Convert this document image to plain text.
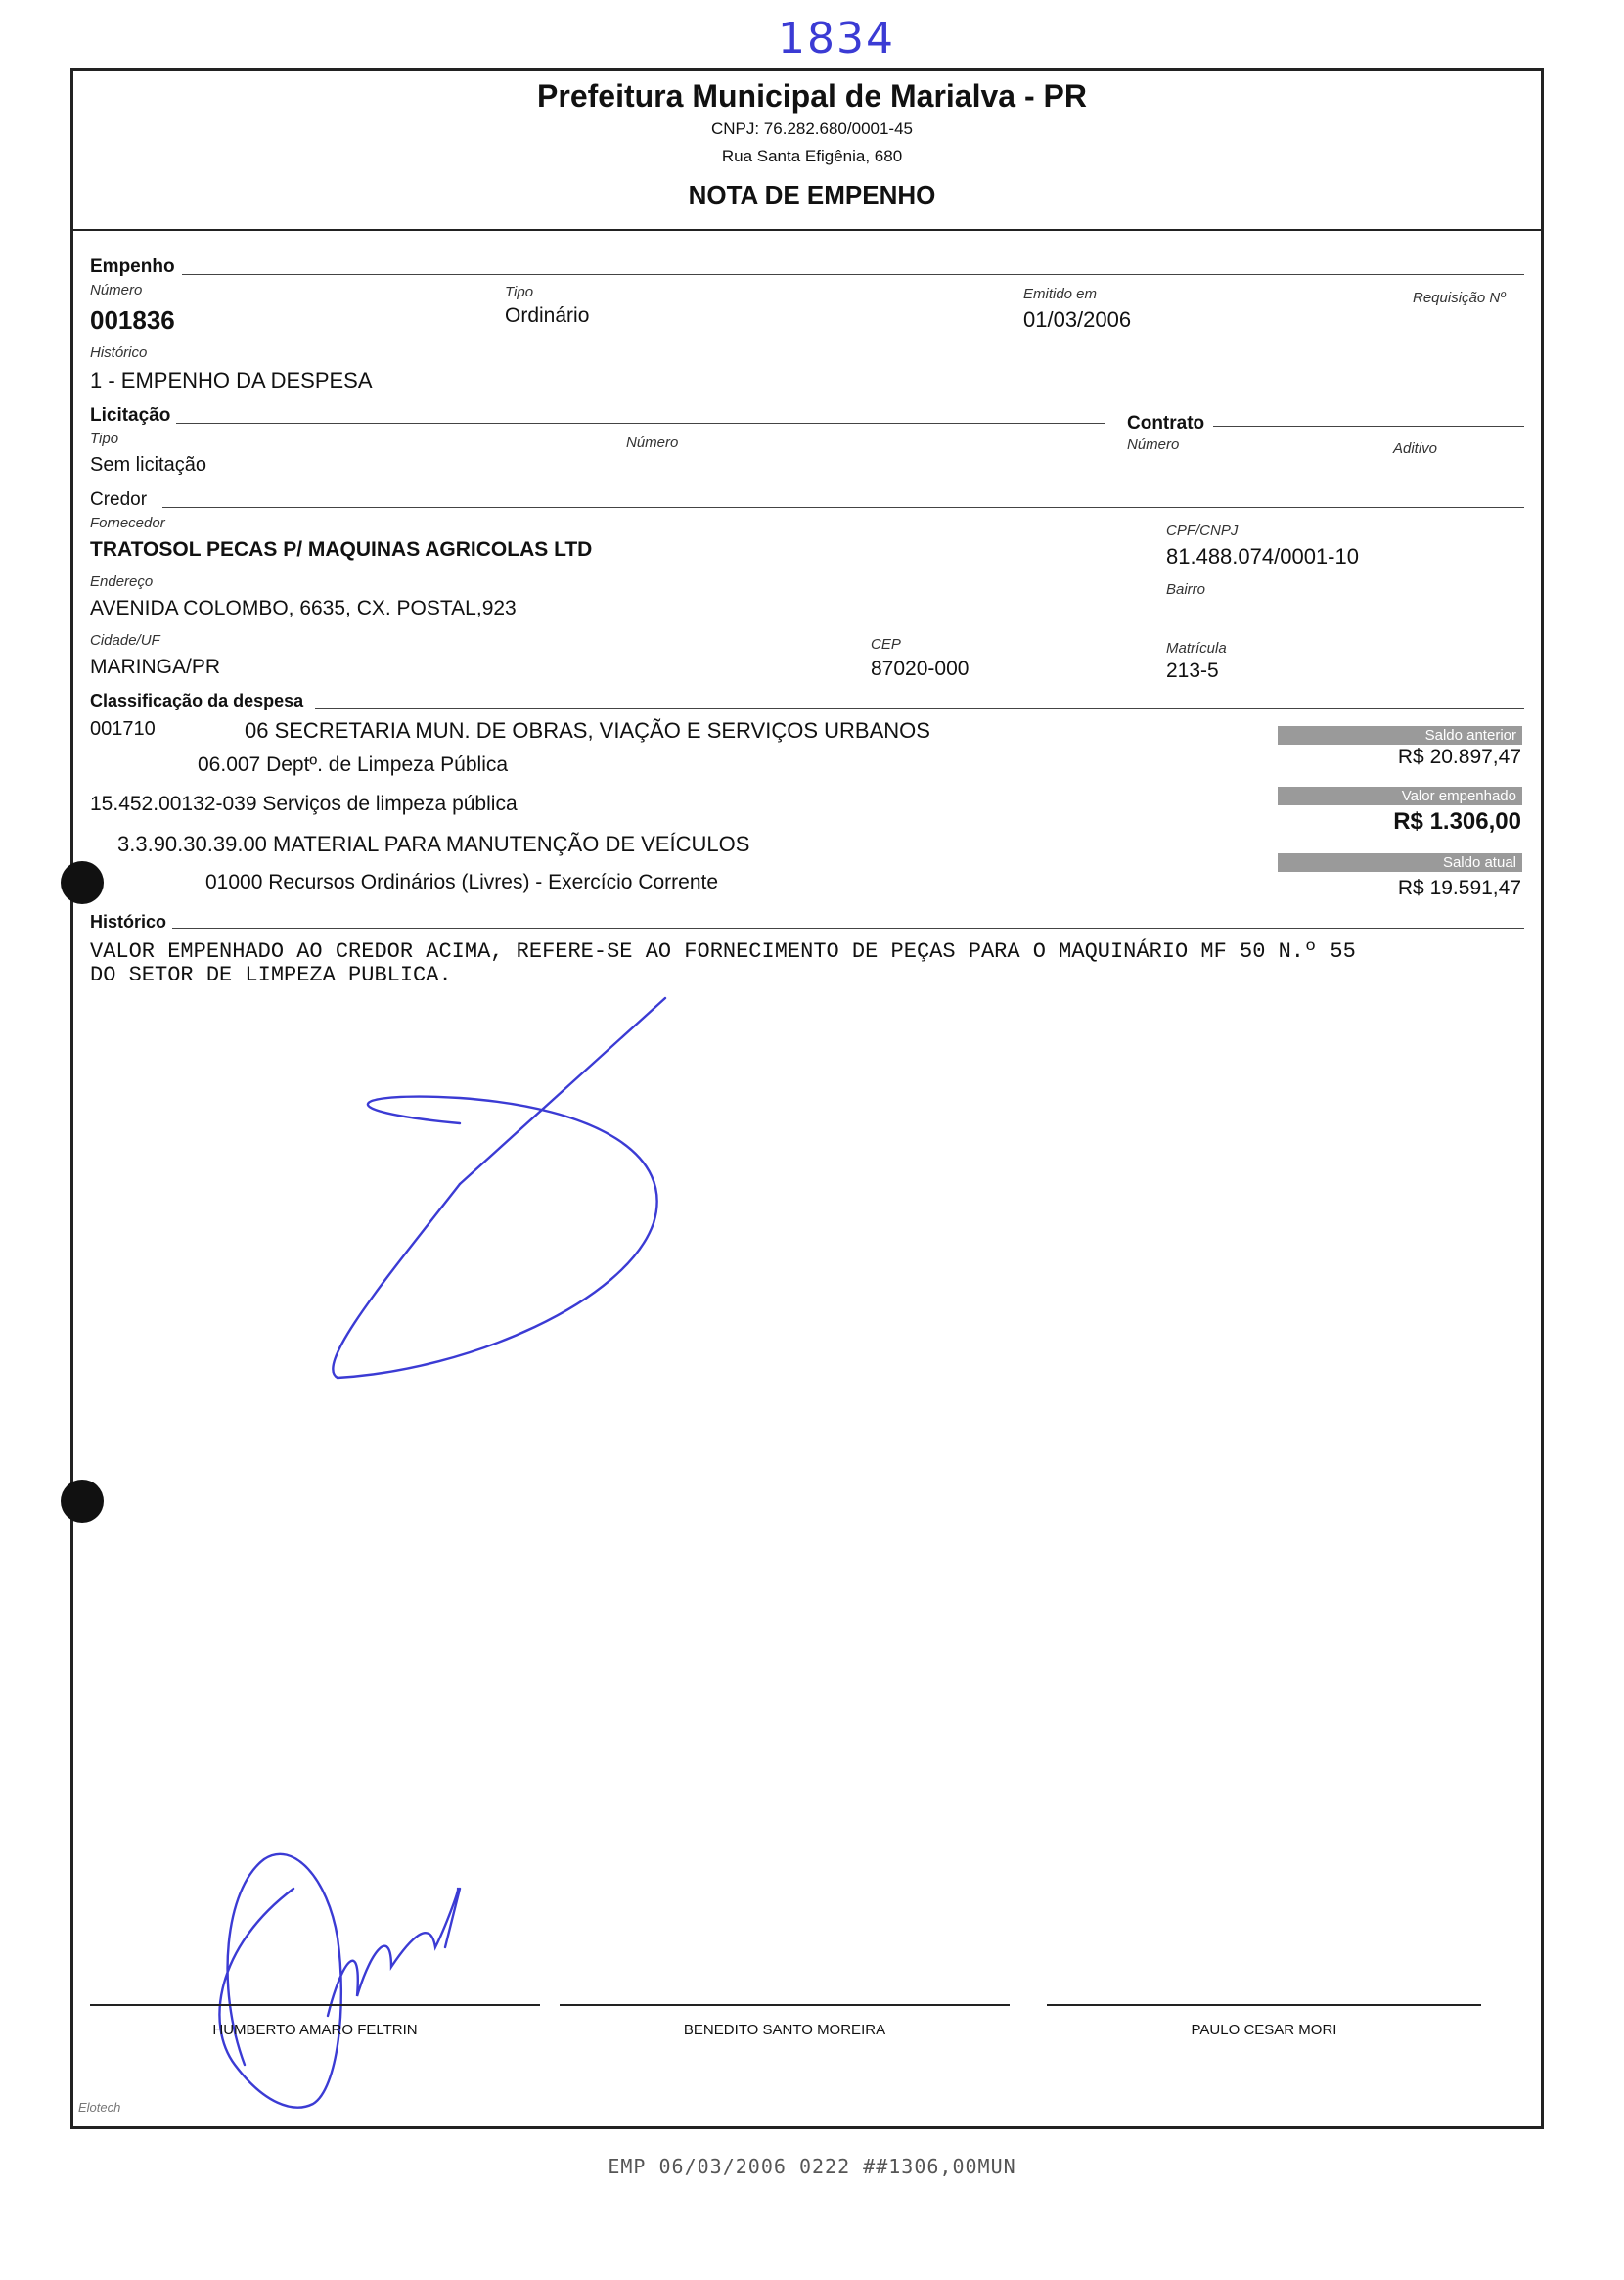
1834
Prefeitura Municipal de Marialva - PR
CNPJ: 76.282.680/0001-45
Rua Santa Efigênia, 680
NOTA DE EMPENHO
Empenho
Número
001836
Tipo
Ordinário
Emitido em
01/03/2006
Requisição Nº
Histórico
1 - EMPENHO DA DESPESA
Licitação
Tipo
Sem licitação
Número
Contrato
Número	Aditivo
Credor
Fornecedor
TRATOSOL PECAS P/ MAQUINAS AGRICOLAS LTD
CPF/CNPJ
81.488.074/0001-10
Endereço
AVENIDA COLOMBO, 6635, CX. POSTAL,923
Bairro
Cidade/UF
MARINGA/PR
CEP
87020-000
Matrícula
213-5
Classificação da despesa
001710	06 SECRETARIA MUN. DE OBRAS, VIAÇÃO E SERVIÇOS URBANOS
06.007 Deptº. de Limpeza Pública
15.452.00132-039 Serviços de limpeza pública
3.3.90.30.39.00 MATERIAL PARA MANUTENÇÃO DE VEÍCULOS
01000 Recursos Ordinários (Livres) - Exercício Corrente
Saldo anterior
R$ 20.897,47
Valor empenhado
R$ 1.306,00
Saldo atual
R$ 19.591,47
Histórico
VALOR EMPENHADO AO CREDOR ACIMA, REFERE-SE AO FORNECIMENTO DE PEÇAS PARA O MAQUINÁRIO MF 50 N.º 55
DO SETOR DE LIMPEZA PUBLICA.
HUMBERTO AMARO FELTRIN	BENEDITO SANTO MOREIRA	PAULO CESAR MORI
Elotech
EMP 06/03/2006 0222 ##1306,00MUN
